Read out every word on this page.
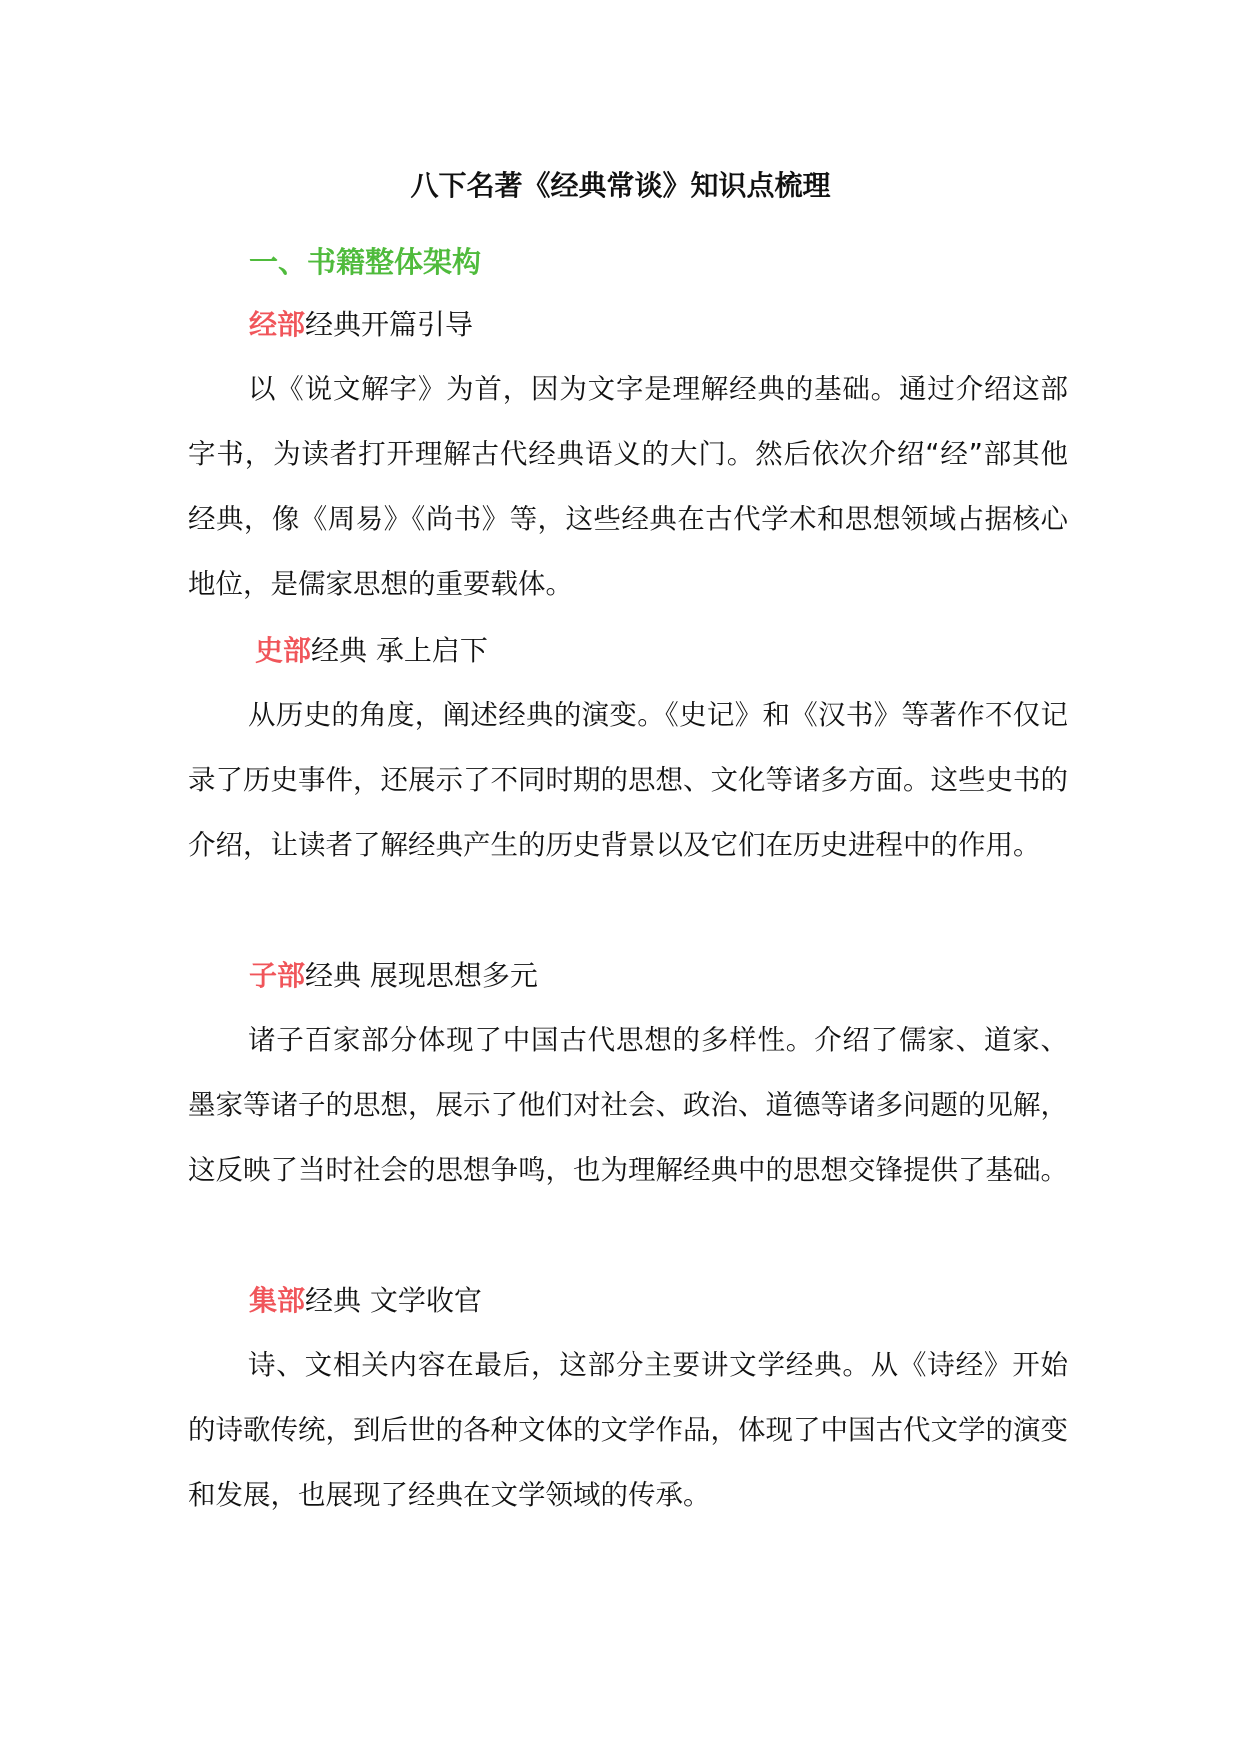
八下名著《经典常谈》知识点梳理
一、书籍整体架构
经部经典开篇引导

以《说文解字》为首，因为文字是理解经典的基础。通过介绍这部字书，为读者打开理解古代经典语义的大门。然后依次介绍“经”部其他经典，像《周易》《尚书》等，这些经典在古代学术和思想领域占据核心地位，是儒家思想的重要载体。

史部经典 承上启下

从历史的角度，阐述经典的演变。《史记》和《汉书》等著作不仅记录了历史事件，还展示了不同时期的思想、文化等诸多方面。这些史书的介绍，让读者了解经典产生的历史背景以及它们在历史进程中的作用。

子部经典 展现思想多元

诸子百家部分体现了中国古代思想的多样性。介绍了儒家、道家、墨家等诸子的思想，展示了他们对社会、政治、道德等诸多问题的见解，这反映了当时社会的思想争鸣，也为理解经典中的思想交锋提供了基础。

集部经典 文学收官

诗、文相关内容在最后，这部分主要讲文学经典。从《诗经》开始的诗歌传统，到后世的各种文体的文学作品，体现了中国古代文学的演变和发展，也展现了经典在文学领域的传承。
